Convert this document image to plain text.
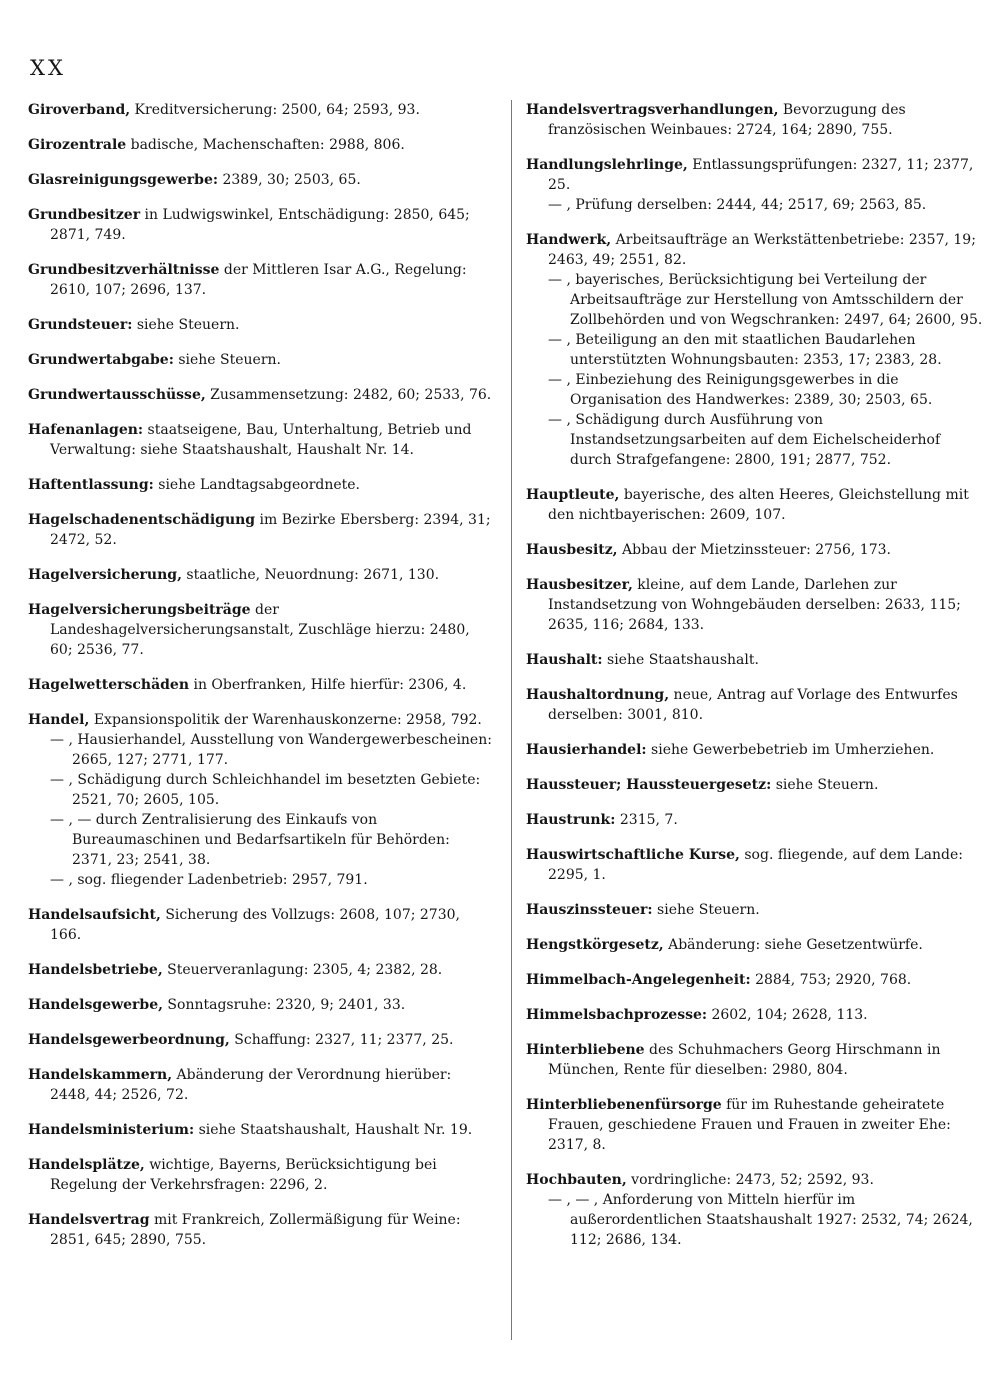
XX
Giroverband, Kreditversicherung: 2500, 64; 2593, 93.
Girozentrale badische, Machenschaften: 2988, 806.
Glasreinigungsgewerbe: 2389, 30; 2503, 65.
Grundbesitzer in Ludwigswinkel, Entschädigung: 2850, 645; 2871, 749.
Grundbesitzverhältnisse der Mittleren Isar A.G., Regelung: 2610, 107; 2696, 137.
Grundsteuer: siehe Steuern.
Grundwertabgabe: siehe Steuern.
Grundwertausschüsse, Zusammensetzung: 2482, 60; 2533, 76.
Hafenanlagen: staatseigene, Bau, Unterhaltung, Betrieb und Verwaltung: siehe Staatshaushalt, Haushalt Nr. 14.
Haftentlassung: siehe Landtagsabgeordnete.
Hagelschadenentschädigung im Bezirke Ebersberg: 2394, 31; 2472, 52.
Hagelversicherung, staatliche, Neuordnung: 2671, 130.
Hagelversicherungsbeiträge der Landeshagelversicherungsanstalt, Zuschläge hierzu: 2480, 60; 2536, 77.
Hagelwetterschäden in Oberfranken, Hilfe hierfür: 2306, 4.
Handel, Expansionspolitik der Warenhauskonzerne: 2958, 792.
— , Hausierhandel, Ausstellung von Wandergewerbescheinen: 2665, 127; 2771, 177.
— , Schädigung durch Schleichhandel im besetzten Gebiete: 2521, 70; 2605, 105.
— , — durch Zentralisierung des Einkaufs von Bureaumaschinen und Bedarfsartikeln für Behörden: 2371, 23; 2541, 38.
— , sog. fliegender Ladenbetrieb: 2957, 791.
Handelsaufsicht, Sicherung des Vollzugs: 2608, 107; 2730, 166.
Handelsbetriebe, Steuerveranlagung: 2305, 4; 2382, 28.
Handelsgewerbe, Sonntagsruhe: 2320, 9; 2401, 33.
Handelsgewerbeordnung, Schaffung: 2327, 11; 2377, 25.
Handelskammern, Abänderung der Verordnung hierüber: 2448, 44; 2526, 72.
Handelsministerium: siehe Staatshaushalt, Haushalt Nr. 19.
Handelsplätze, wichtige, Bayerns, Berücksichtigung bei Regelung der Verkehrsfragen: 2296, 2.
Handelsvertrag mit Frankreich, Zollermäßigung für Weine: 2851, 645; 2890, 755.
Handelsvertragsverhandlungen, Bevorzugung des französischen Weinbaues: 2724, 164; 2890, 755.
Handlungslehrlinge, Entlassungsprüfungen: 2327, 11; 2377, 25.
— , Prüfung derselben: 2444, 44; 2517, 69; 2563, 85.
Handwerk, Arbeitsaufträge an Werkstättenbetriebe: 2357, 19; 2463, 49; 2551, 82.
— , bayerisches, Berücksichtigung bei Verteilung der Arbeitsaufträge zur Herstellung von Amtsschildern der Zollbehörden und von Wegschranken: 2497, 64; 2600, 95.
— , Beteiligung an den mit staatlichen Baudarlehen unterstützten Wohnungsbauten: 2353, 17; 2383, 28.
— , Einbeziehung des Reinigungsgewerbes in die Organisation des Handwerkes: 2389, 30; 2503, 65.
— , Schädigung durch Ausführung von Instandsetzungsarbeiten auf dem Eichelscheiderhof durch Strafgefangene: 2800, 191; 2877, 752.
Hauptleute, bayerische, des alten Heeres, Gleichstellung mit den nichtbayerischen: 2609, 107.
Hausbesitz, Abbau der Mietzinssteuer: 2756, 173.
Hausbesitzer, kleine, auf dem Lande, Darlehen zur Instandsetzung von Wohngebäuden derselben: 2633, 115; 2635, 116; 2684, 133.
Haushalt: siehe Staatshaushalt.
Haushaltordnung, neue, Antrag auf Vorlage des Entwurfes derselben: 3001, 810.
Hausierhandel: siehe Gewerbebetrieb im Umherziehen.
Haussteuer; Haussteuergesetz: siehe Steuern.
Haustrunk: 2315, 7.
Hauswirtschaftliche Kurse, sog. fliegende, auf dem Lande: 2295, 1.
Hauszinssteuer: siehe Steuern.
Hengstkörgesetz, Abänderung: siehe Gesetzentwürfe.
Himmelbach-Angelegenheit: 2884, 753; 2920, 768.
Himmelsbachprozesse: 2602, 104; 2628, 113.
Hinterbliebene des Schuhmachers Georg Hirschmann in München, Rente für dieselben: 2980, 804.
Hinterbliebenenfürsorge für im Ruhestande geheiratete Frauen, geschiedene Frauen und Frauen in zweiter Ehe: 2317, 8.
Hochbauten, vordringliche: 2473, 52; 2592, 93.
— , — , Anforderung von Mitteln hierfür im außerordentlichen Staatshaushalt 1927: 2532, 74; 2624, 112; 2686, 134.
